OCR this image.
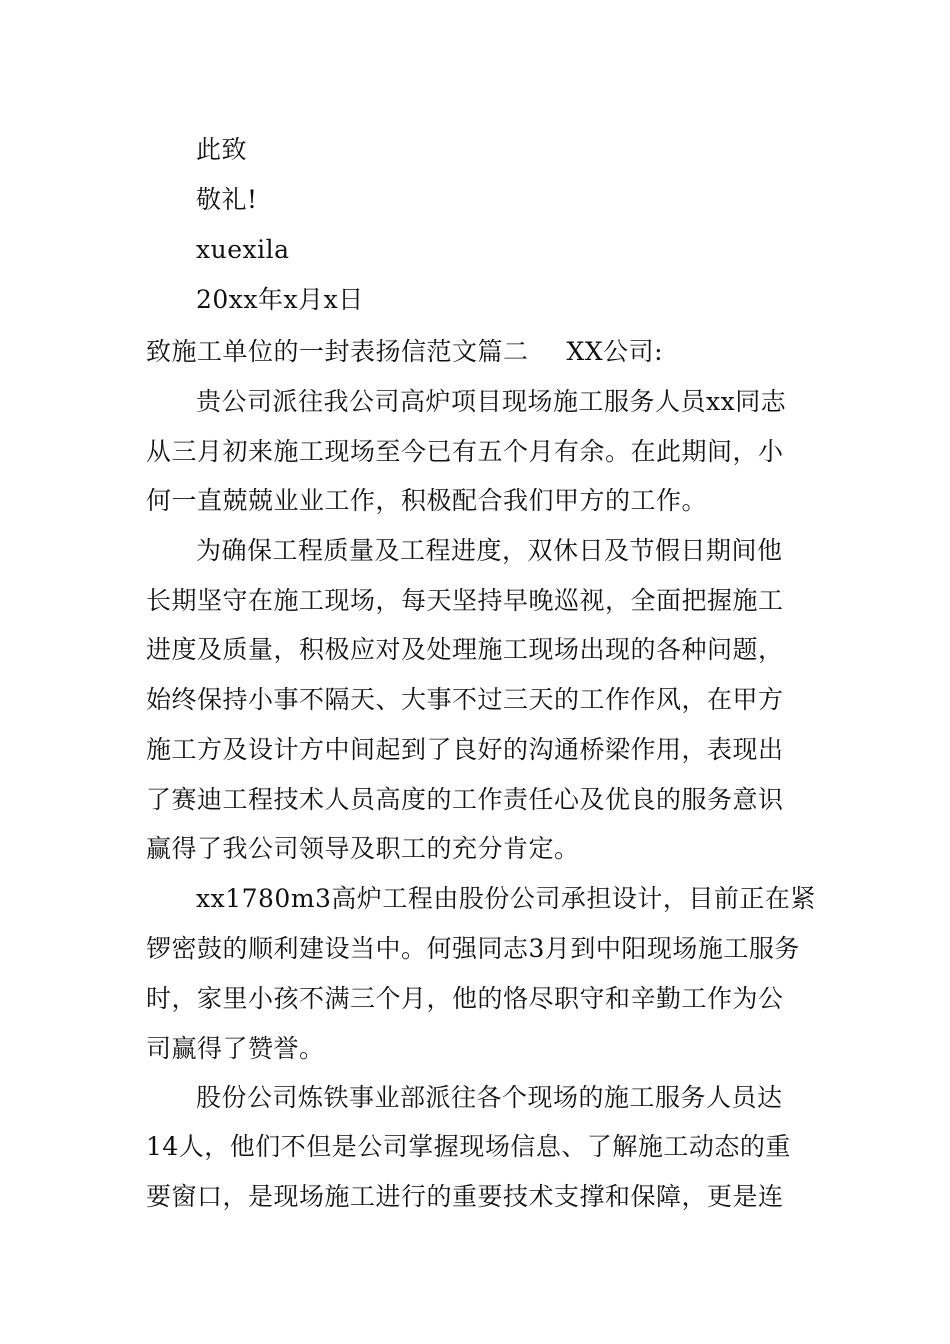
此致
敬礼!
xuexila
20xx年x月x日
致施工单位的一封表扬信范文篇二 XX公司:
贵公司派往我公司高炉项目现场施工服务人员xx同志
从三月初来施工现场至今已有五个月有余。在此期间，小
何一直兢兢业业工作，积极配合我们甲方的工作。
为确保工程质量及工程进度，双休日及节假日期间他
长期坚守在施工现场，每天坚持早晚巡视，全面把握施工
进度及质量，积极应对及处理施工现场出现的各种问题，
始终保持小事不隔天、大事不过三天的工作作风，在甲方
施工方及设计方中间起到了良好的沟通桥梁作用，表现出
了赛迪工程技术人员高度的工作责任心及优良的服务意识
赢得了我公司领导及职工的充分肯定。
xx1780m3高炉工程由股份公司承担设计，目前正在紧
锣密鼓的顺利建设当中。何强同志3月到中阳现场施工服务
时，家里小孩不满三个月，他的恪尽职守和辛勤工作为公
司赢得了赞誉。
股份公司炼铁事业部派往各个现场的施工服务人员达
14人，他们不但是公司掌握现场信息、了解施工动态的重
要窗口，是现场施工进行的重要技术支撑和保障，更是连
